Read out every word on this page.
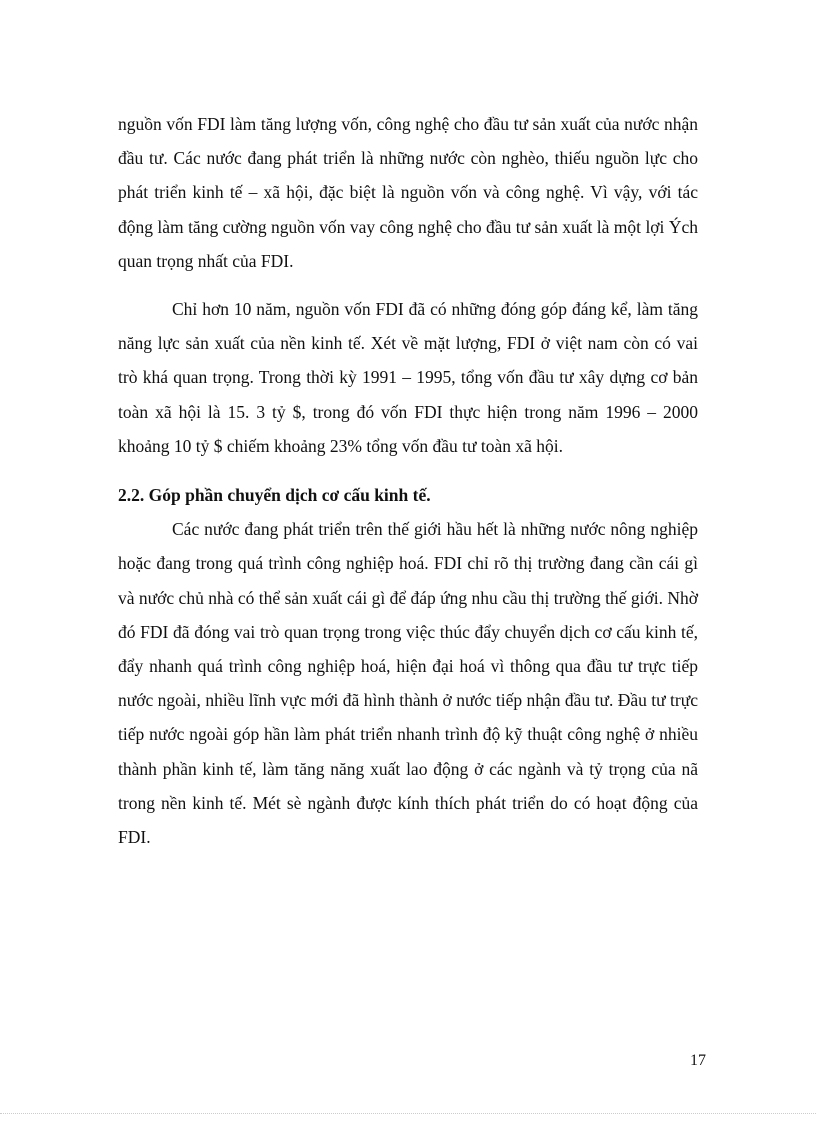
nguồn vốn FDI làm tăng lượng vốn, công nghệ cho đầu tư sản xuất của nước nhận đầu tư. Các nước đang phát triển là những nước còn nghèo, thiếu nguồn lực cho phát triển kinh tế – xã hội, đặc biệt là nguồn vốn và công nghệ. Vì vậy, với tác động làm tăng cường nguồn vốn vay công nghệ cho đầu tư sản xuất là một lợi Ých quan trọng nhất của FDI.

Chỉ hơn 10 năm, nguồn vốn FDI đã có những đóng góp đáng kể, làm tăng năng lực sản xuất của nền kinh tế. Xét về mặt lượng, FDI ở việt nam còn có vai trò khá quan trọng. Trong thời kỳ 1991 – 1995, tổng vốn đầu tư xây dựng cơ bản toàn xã hội là 15. 3 tỷ $, trong đó vốn FDI thực hiện trong năm 1996 – 2000 khoảng 10 tỷ $ chiếm khoảng 23% tổng vốn đầu tư toàn xã hội.

2.2. Góp phần chuyển dịch cơ cấu kinh tế.

Các nước đang phát triển trên thế giới hầu hết là những nước nông nghiệp hoặc đang trong quá trình công nghiệp hoá. FDI chỉ rõ thị trường đang cần cái gì và nước chủ nhà có thể sản xuất cái gì để đáp ứng nhu cầu thị trường thế giới. Nhờ đó FDI đã đóng vai trò quan trọng trong việc thúc đẩy chuyển dịch cơ cấu kinh tế, đẩy nhanh quá trình công nghiệp hoá, hiện đại hoá vì thông qua đầu tư trực tiếp nước ngoài, nhiều lĩnh vực mới đã hình thành ở nước tiếp nhận đầu tư. Đầu tư trực tiếp nước ngoài góp hần làm phát triển nhanh trình độ kỹ thuật công nghệ ở nhiều thành phần kinh tế, làm tăng năng xuất lao động ở các ngành và tỷ trọng của nã trong nền kinh tế. Mét sè ngành được kính thích phát triển do có hoạt động của FDI.

17
